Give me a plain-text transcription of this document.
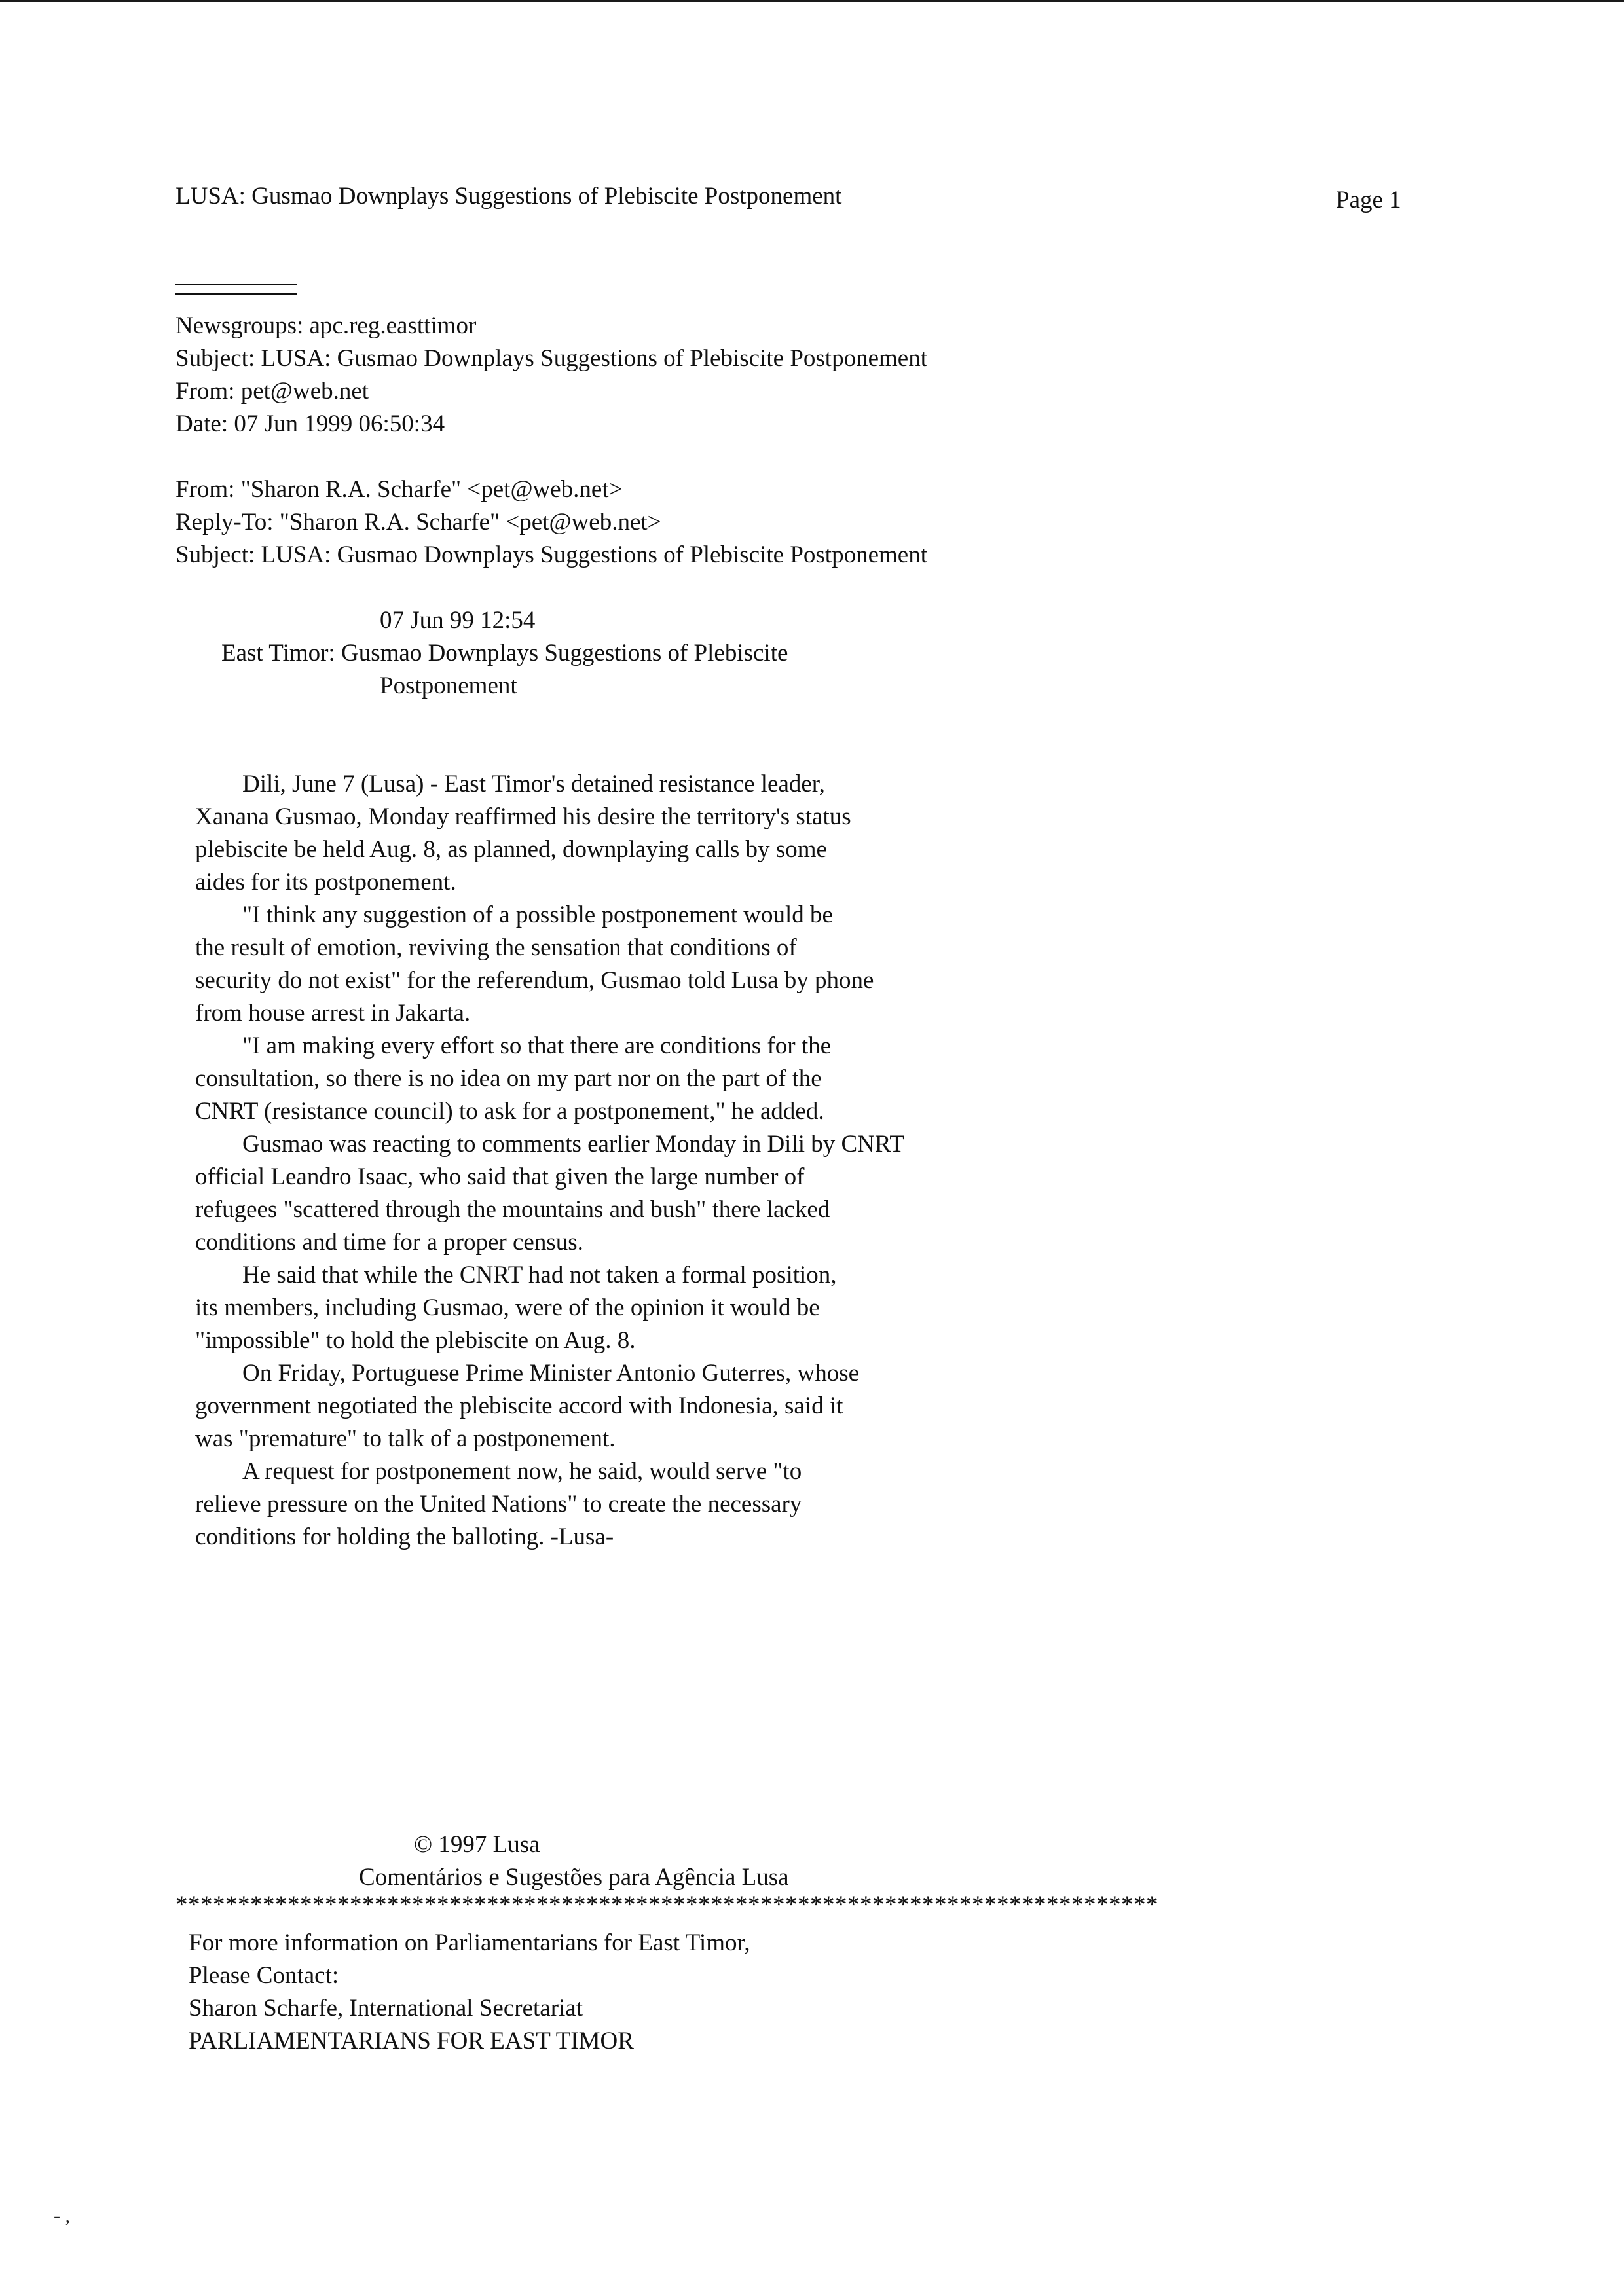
LUSA: Gusmao Downplays Suggestions of Plebiscite Postponement	Page 1
Newsgroups: apc.reg.easttimor
Subject: LUSA: Gusmao Downplays Suggestions of Plebiscite Postponement
From: pet@web.net
Date: 07 Jun 1999 06:50:34
From: "Sharon R.A. Scharfe" <pet@web.net>
Reply-To: "Sharon R.A. Scharfe" <pet@web.net>
Subject: LUSA: Gusmao Downplays Suggestions of Plebiscite Postponement
07 Jun 99 12:54
East Timor: Gusmao Downplays Suggestions of Plebiscite
Postponement
Dili, June 7 (Lusa) - East Timor's detained resistance leader,
Xanana Gusmao, Monday reaffirmed his desire the territory's status
plebiscite be held Aug. 8, as planned, downplaying calls by some
aides for its postponement.
"I think any suggestion of a possible postponement would be
the result of emotion, reviving the sensation that conditions of
security do not exist" for the referendum, Gusmao told Lusa by phone
from house arrest in Jakarta.
"I am making every effort so that there are conditions for the
consultation, so there is no idea on my part nor on the part of the
CNRT (resistance council) to ask for a postponement," he added.
Gusmao was reacting to comments earlier Monday in Dili by CNRT
official Leandro Isaac, who said that given the large number of
refugees "scattered through the mountains and bush" there lacked
conditions and time for a proper census.
He said that while the CNRT had not taken a formal position,
its members, including Gusmao, were of the opinion it would be
"impossible" to hold the plebiscite on Aug. 8.
On Friday, Portuguese Prime Minister Antonio Guterres, whose
government negotiated the plebiscite accord with Indonesia, said it
was "premature" to talk of a postponement.
A request for postponement now, he said, would serve "to
relieve pressure on the United Nations" to create the necessary
conditions for holding the balloting. -Lusa-
© 1997 Lusa
Comentários e Sugestões para Agência Lusa
*******************************************************************************
For more information on Parliamentarians for East Timor,
Please Contact:
Sharon Scharfe, International Secretariat
PARLIAMENTARIANS FOR EAST TIMOR
- ,
